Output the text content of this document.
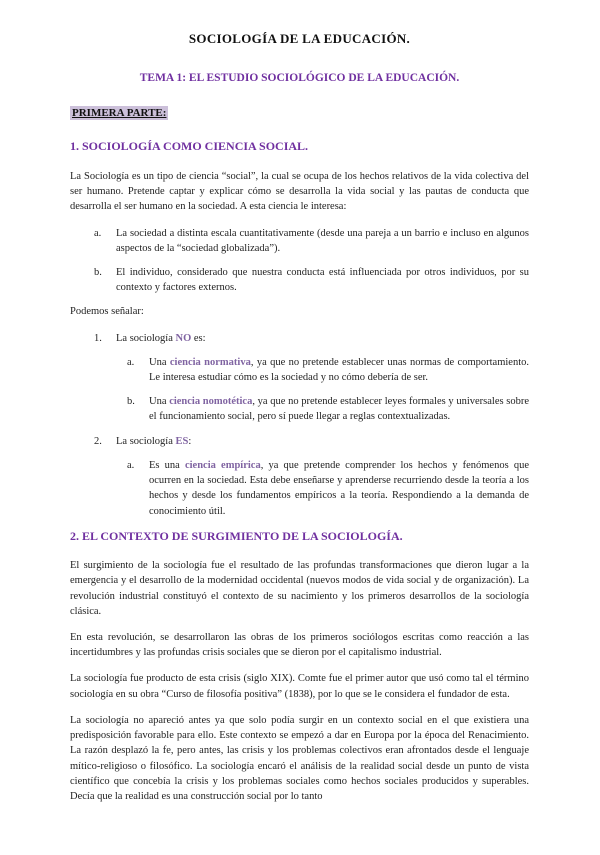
SOCIOLOGÍA DE LA EDUCACIÓN.
TEMA 1: EL ESTUDIO SOCIOLÓGICO DE LA EDUCACIÓN.
PRIMERA PARTE:
1. SOCIOLOGÍA COMO CIENCIA SOCIAL.

La Sociología es un tipo de ciencia “social”, la cual se ocupa de los hechos relativos de la vida colectiva del ser humano. Pretende captar y explicar cómo se desarrolla la vida social y las pautas de conducta que desarrolla el ser humano en la sociedad. A esta ciencia le interesa:

a.	La sociedad a distinta escala cuantitativamente (desde una pareja a un barrio e incluso en algunos aspectos de la “sociedad globalizada”).
b.	El individuo, considerado que nuestra conducta está influenciada por otros individuos, por su contexto y factores externos.

Podemos señalar:

1.	La sociología NO es:
a.	Una ciencia normativa, ya que no pretende establecer unas normas de comportamiento. Le interesa estudiar cómo es la sociedad y no cómo debería de ser.
b.	Una ciencia nomotética, ya que no pretende establecer leyes formales y universales sobre el funcionamiento social, pero sí puede llegar a reglas contextualizadas.
2.	La sociología ES:
a.	Es una ciencia empírica, ya que pretende comprender los hechos y fenómenos que ocurren en la sociedad. Esta debe enseñarse y aprenderse recurriendo desde la teoría a los hechos y desde los fundamentos empíricos a la teoría. Respondiendo a la demanda de conocimiento útil.
2. EL CONTEXTO DE SURGIMIENTO DE LA SOCIOLOGÍA.

El surgimiento de la sociología fue el resultado de las profundas transformaciones que dieron lugar a la emergencia y el desarrollo de la modernidad occidental (nuevos modos de vida social y de organización). La revolución industrial constituyó el contexto de su nacimiento y los primeros desarrollos de la sociología clásica.

En esta revolución, se desarrollaron las obras de los primeros sociólogos escritas como reacción a las incertidumbres y las profundas crisis sociales que se dieron por el capitalismo industrial.

La sociología fue producto de esta crisis (siglo XIX). Comte fue el primer autor que usó como tal el término sociología en su obra “Curso de filosofía positiva” (1838), por lo que se le considera el fundador de esta.

La sociología no apareció antes ya que solo podía surgir en un contexto social en el que existiera una predisposición favorable para ello. Este contexto se empezó a dar en Europa por la época del Renacimiento. La razón desplazó la fe, pero antes, las crisis y los problemas colectivos eran afrontados desde el lenguaje mítico-religioso o filosófico. La sociología encaró el análisis de la realidad social desde un punto de vista científico que concebía la crisis y los problemas sociales como hechos sociales producidos y superables. Decía que la realidad es una construcción social por lo tanto
